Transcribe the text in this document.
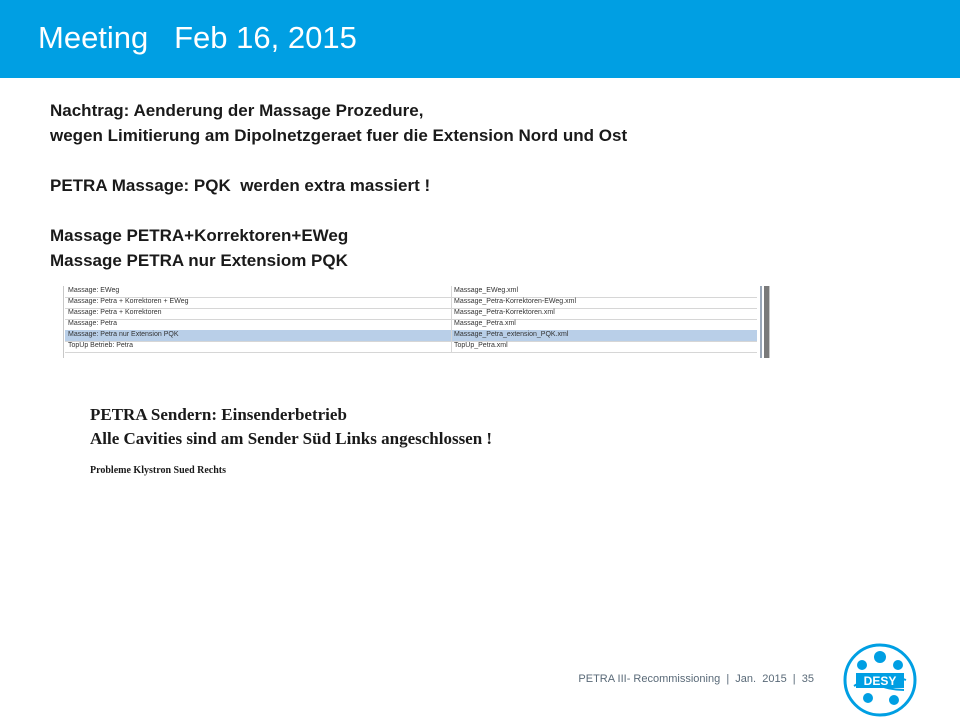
Meeting   Feb 16, 2015
Nachtrag: Aenderung der Massage Prozedure,
wegen Limitierung am Dipolnetzgeraet fuer die Extension Nord und Ost
PETRA Massage: PQK  werden extra massiert !
Massage PETRA+Korrektoren+EWeg
Massage PETRA nur Extensiom PQK
Massage: EWeg	Massage_EWeg.xml
Massage: Petra + Korrektoren + EWeg	Massage_Petra-Korrektoren-EWeg.xml
Massage: Petra + Korrektoren	Massage_Petra-Korrektoren.xml
Massage: Petra	Massage_Petra.xml
Massage: Petra nur Extension PQK	Massage_Petra_extension_PQK.xml
TopUp Betrieb: Petra	TopUp_Petra.xml
PETRA Sendern: Einsenderbetrieb
Alle Cavities sind am Sender Süd Links angeschlossen !
Probleme Klystron Sued Rechts
PETRA III- Recommissioning  |  Jan.  2015  |  35	DESY
